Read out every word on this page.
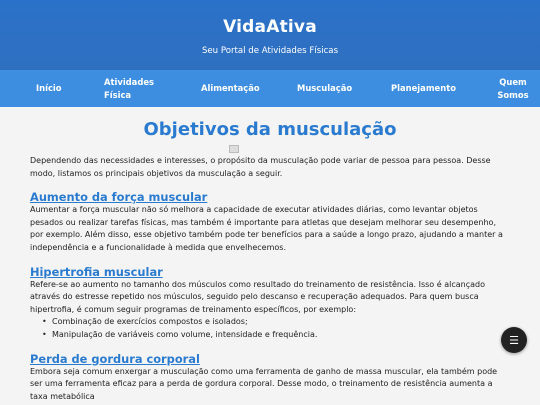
VidaAtiva
Seu Portal de Atividades Físicas
Início
Atividades
Física
Alimentação	Musculação	Planejamento
Quem
Somos
Objetivos da musculação

Dependendo das necessidades e interesses, o propósito da musculação pode variar de pessoa para pessoa. Desse modo, listamos os principais objetivos da musculação a seguir.

Aumento da força muscular

Aumentar a força muscular não só melhora a capacidade de executar atividades diárias, como levantar objetos pesados ou realizar tarefas físicas, mas também é importante para atletas que desejam melhorar seu desempenho, por exemplo. Além disso, esse objetivo também pode ter benefícios para a saúde a longo prazo, ajudando a manter a independência e a funcionalidade à medida que envelhecemos.

Hipertrofia muscular

Refere-se ao aumento no tamanho dos músculos como resultado do treinamento de resistência. Isso é alcançado através do estresse repetido nos músculos, seguido pelo descanso e recuperação adequados. Para quem busca hipertrofia, é comum seguir programas de treinamento específicos, por exemplo:

• Combinação de exercícios compostos e isolados;
• Manipulação de variáveis como volume, intensidade e frequência.
Perda de gordura corporal

Embora seja comum enxergar a musculação como uma ferramenta de ganho de massa muscular, ela também pode ser uma ferramenta eficaz para a perda de gordura corporal. Desse modo, o treinamento de resistência aumenta a taxa metabólica

☰
